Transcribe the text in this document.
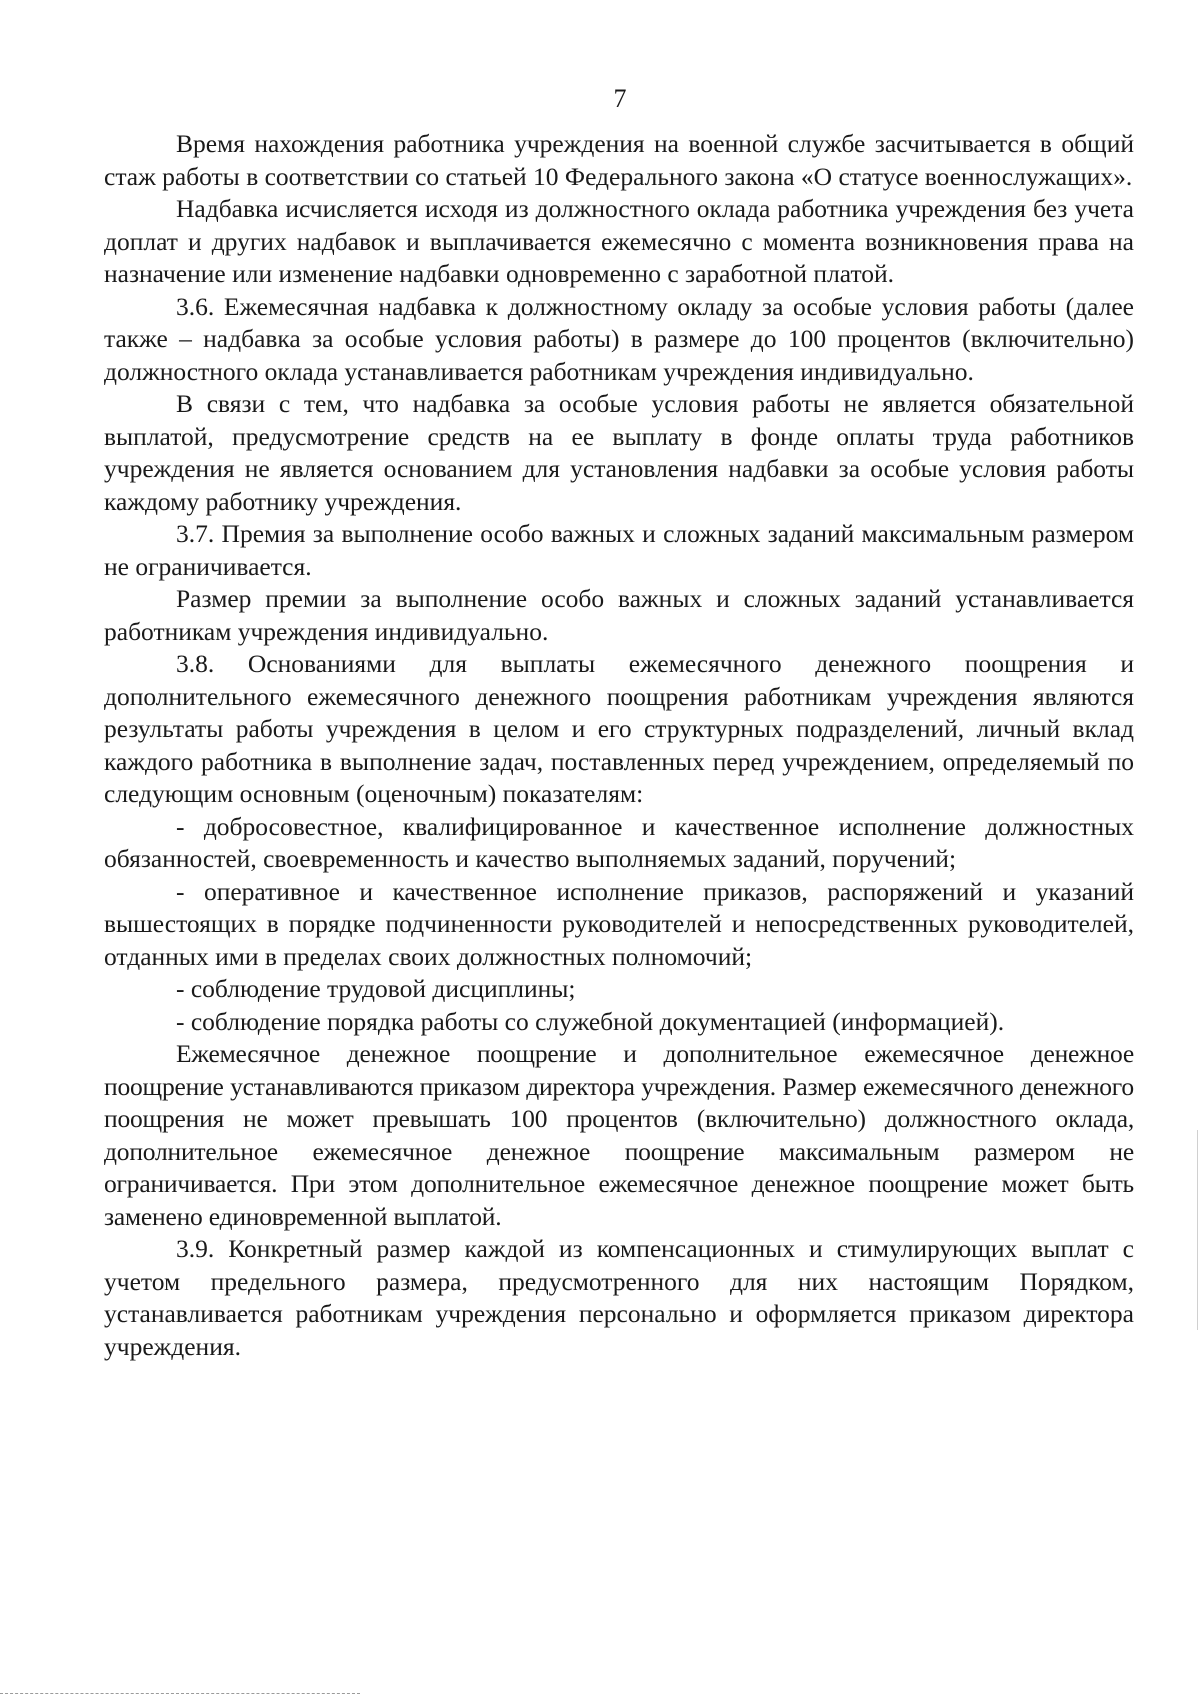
7

Время нахождения работника учреждения на военной службе засчитывается в общий стаж работы в соответствии со статьей 10 Федерального закона «О статусе военнослужащих».

Надбавка исчисляется исходя из должностного оклада работника учреждения без учета доплат и других надбавок и выплачивается ежемесячно с момента возникновения права на назначение или изменение надбавки одновременно с заработной платой.

3.6. Ежемесячная надбавка к должностному окладу за особые условия работы (далее также – надбавка за особые условия работы) в размере до 100 процентов (включительно) должностного оклада устанавливается работникам учреждения индивидуально.

В связи с тем, что надбавка за особые условия работы не является обязательной выплатой, предусмотрение средств на ее выплату в фонде оплаты труда работников учреждения не является основанием для установления надбавки за особые условия работы каждому работнику учреждения.

3.7. Премия за выполнение особо важных и сложных заданий максимальным размером не ограничивается.

Размер премии за выполнение особо важных и сложных заданий устанавливается работникам учреждения индивидуально.

3.8. Основаниями для выплаты ежемесячного денежного поощрения и дополнительного ежемесячного денежного поощрения работникам учреждения являются результаты работы учреждения в целом и его структурных подразделений, личный вклад каждого работника в выполнение задач, поставленных перед учреждением, определяемый по следующим основным (оценочным) показателям:

- добросовестное, квалифицированное и качественное исполнение должностных обязанностей, своевременность и качество выполняемых заданий, поручений;

- оперативное и качественное исполнение приказов, распоряжений и указаний вышестоящих в порядке подчиненности руководителей и непосредственных руководителей, отданных ими в пределах своих должностных полномочий;

- соблюдение трудовой дисциплины;

- соблюдение порядка работы со служебной документацией (информацией).

Ежемесячное денежное поощрение и дополнительное ежемесячное денежное поощрение устанавливаются приказом директора учреждения. Размер ежемесячного денежного поощрения не может превышать 100 процентов (включительно) должностного оклада, дополнительное ежемесячное денежное поощрение максимальным размером не ограничивается. При этом дополнительное ежемесячное денежное поощрение может быть заменено единовременной выплатой.

3.9. Конкретный размер каждой из компенсационных и стимулирующих выплат с учетом предельного размера, предусмотренного для них настоящим Порядком, устанавливается работникам учреждения персонально и оформляется приказом директора учреждения.
